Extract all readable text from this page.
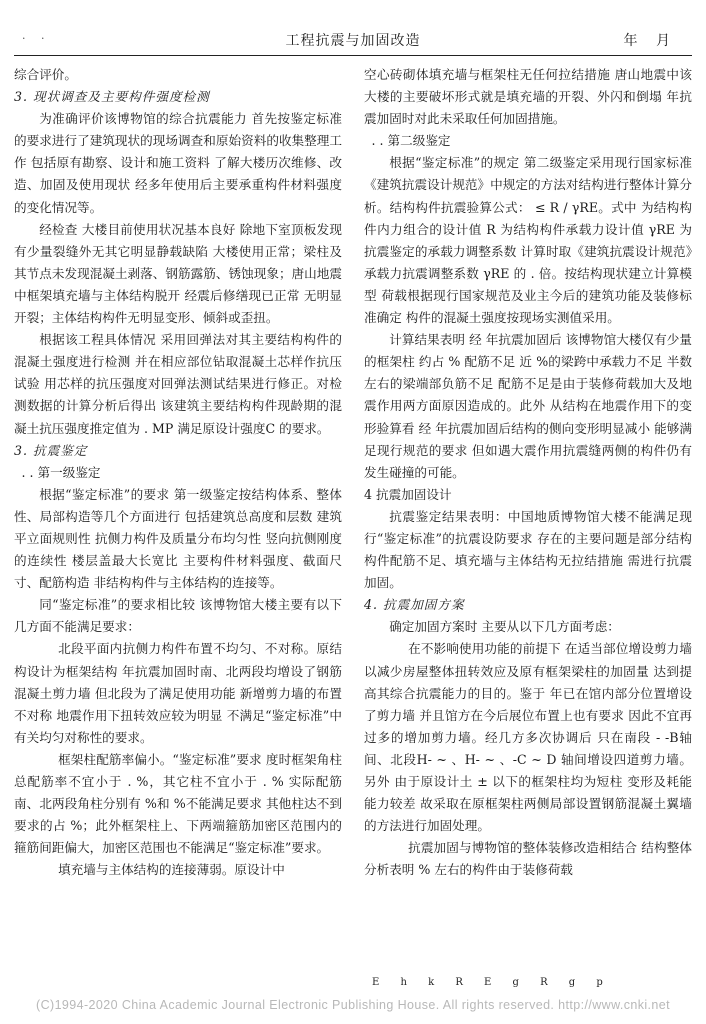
· ·	工程抗震与加固改造	年 月

综合评价。

3. 现状调查及主要构件强度检测

为准确评价该博物馆的综合抗震能力 首先按鉴定标准的要求进行了建筑现状的现场调查和原始资料的收集整理工作 包括原有勘察、设计和施工资料 了解大楼历次维修、改造、加固及使用现状 经多年使用后主要承重构件材料强度的变化情况等。

经检查 大楼目前使用状况基本良好 除地下室顶板发现有少量裂缝外无其它明显静载缺陷 大楼使用正常；梁柱及其节点未发现混凝土剥落、钢筋露筋、锈蚀现象；唐山地震中框架填充墙与主体结构脱开 经震后修缮现已正常 无明显开裂；主体结构构件无明显变形、倾斜或歪扭。

根据该工程具体情况 采用回弹法对其主要结构构件的混凝土强度进行检测 并在相应部位钻取混凝土芯样作抗压试验 用芯样的抗压强度对回弹法测试结果进行修正。对检测数据的计算分析后得出 该建筑主要结构构件现龄期的混凝土抗压强度推定值为 . MP 满足原设计强度C 的要求。

3. 抗震鉴定

. . 第一级鉴定

根据“鉴定标准”的要求 第一级鉴定按结构体系、整体性、局部构造等几个方面进行 包括建筑总高度和层数 建筑平立面规则性 抗侧力构件及质量分布均匀性 竖向抗侧刚度的连续性 楼层盖最大长宽比 主要构件材料强度、截面尺寸、配筋构造 非结构构件与主体结构的连接等。

同“鉴定标准”的要求相比较 该博物馆大楼主要有以下几方面不能满足要求：

北段平面内抗侧力构件布置不均匀、不对称。原结构设计为框架结构 年抗震加固时南、北两段均增设了钢筋混凝土剪力墙 但北段为了满足使用功能 新增剪力墙的布置不对称 地震作用下扭转效应较为明显 不满足“鉴定标准”中有关均匀对称性的要求。

框架柱配筋率偏小。“鉴定标准”要求 度时框架角柱总配筋率不宜小于 . %，其它柱不宜小于 . % 实际配筋 南、北两段角柱分别有 %和 %不能满足要求 其他柱达不到要求的占 %；此外框架柱上、下两端箍筋加密区范围内的箍筋间距偏大，加密区范围也不能满足“鉴定标准”要求。

填充墙与主体结构的连接薄弱。原设计中

空心砖砌体填充墙与框架柱无任何拉结措施 唐山地震中该大楼的主要破坏形式就是填充墙的开裂、外闪和倒塌 年抗震加固时对此未采取任何加固措施。

. . 第二级鉴定

根据“鉴定标准”的规定 第二级鉴定采用现行国家标准《建筑抗震设计规范》中规定的方法对结构进行整体计算分析。结构构件抗震验算公式： ≤ R / γRE。式中 为结构构件内力组合的设计值 R 为结构构件承载力设计值 γRE 为抗震鉴定的承载力调整系数 计算时取《建筑抗震设计规范》承载力抗震调整系数 γRE 的 . 倍。按结构现状建立计算模型 荷载根据现行国家规范及业主今后的建筑功能及装修标准确定 构件的混凝土强度按现场实测值采用。

计算结果表明 经 年抗震加固后 该博物馆大楼仅有少量的框架柱 约占 % 配筋不足 近 %的梁跨中承载力不足 半数左右的梁端部负筋不足 配筋不足是由于装修荷载加大及地震作用两方面原因造成的。此外 从结构在地震作用下的变形验算看 经 年抗震加固后结构的侧向变形明显减小 能够满足现行规范的要求 但如遇大震作用抗震缝两侧的构件仍有发生碰撞的可能。

4 抗震加固设计

抗震鉴定结果表明：中国地质博物馆大楼不能满足现行“鉴定标准”的抗震设防要求 存在的主要问题是部分结构构件配筋不足、填充墙与主体结构无拉结措施 需进行抗震加固。

4. 抗震加固方案

确定加固方案时 主要从以下几方面考虑：

在不影响使用功能的前提下 在适当部位增设剪力墙 以减少房屋整体扭转效应及原有框架梁柱的加固量 达到提高其综合抗震能力的目的。鉴于 年已在馆内部分位置增设了剪力墙 并且馆方在今后展位布置上也有要求 因此不宜再过多的增加剪力墙。经几方多次协调后 只在南段 - -B轴间、北段H- ~ 、H- ~ 、-C ~ D 轴间增设四道剪力墙。另外 由于原设计土 ± 以下的框架柱均为短柱 变形及耗能能力较差 故采取在原框架柱两侧局部设置钢筋混凝土翼墙的方法进行加固处理。

抗震加固与博物馆的整体装修改造相结合 结构整体分析表明 % 左右的构件由于装修荷载

E h k R E g R g p
(C)1994-2020 China Academic Journal Electronic Publishing House. All rights reserved. http://www.cnki.net
